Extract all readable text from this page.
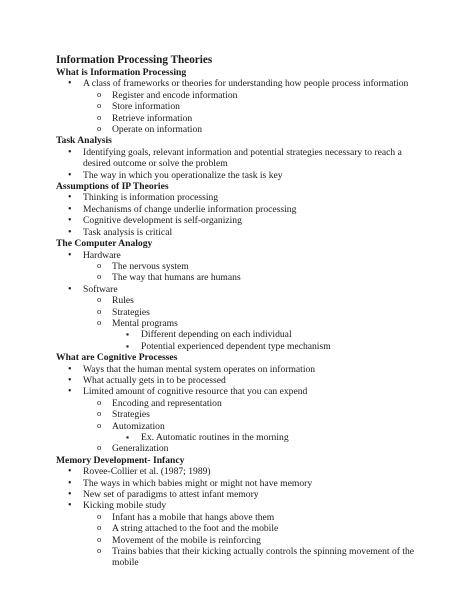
Information Processing Theories
What is Information Processing
• A class of frameworks or theories for understanding how people process information
o Register and encode information
o Store information
o Retrieve information
o Operate on information
Task Analysis
• Identifying goals, relevant information and potential strategies necessary to reach a desired outcome or solve the problem
• The way in which you operationalize the task is key
Assumptions of IP Theories
• Thinking is information processing
• Mechanisms of change underlie information processing
• Cognitive development is self-organizing
• Task analysis is critical
The Computer Analogy
• Hardware
o The nervous system
o The way that humans are humans
• Software
o Rules
o Strategies
o Mental programs
▪ Different depending on each individual
▪ Potential experienced dependent type mechanism
What are Cognitive Processes
• Ways that the human mental system operates on information
• What actually gets in to be processed
• Limited amount of cognitive resource that you can expend
o Encoding and representation
o Strategies
o Automization
▪ Ex. Automatic routines in the morning
o Generalization
Memory Development- Infancy
• Rovee-Collier et al. (1987; 1989)
• The ways in which babies might or might not have memory
• New set of paradigms to attest infant memory
• Kicking mobile study
o Infant has a mobile that hangs above them
o A string attached to the foot and the mobile
o Movement of the mobile is reinforcing
o Trains babies that their kicking actually controls the spinning movement of the mobile
